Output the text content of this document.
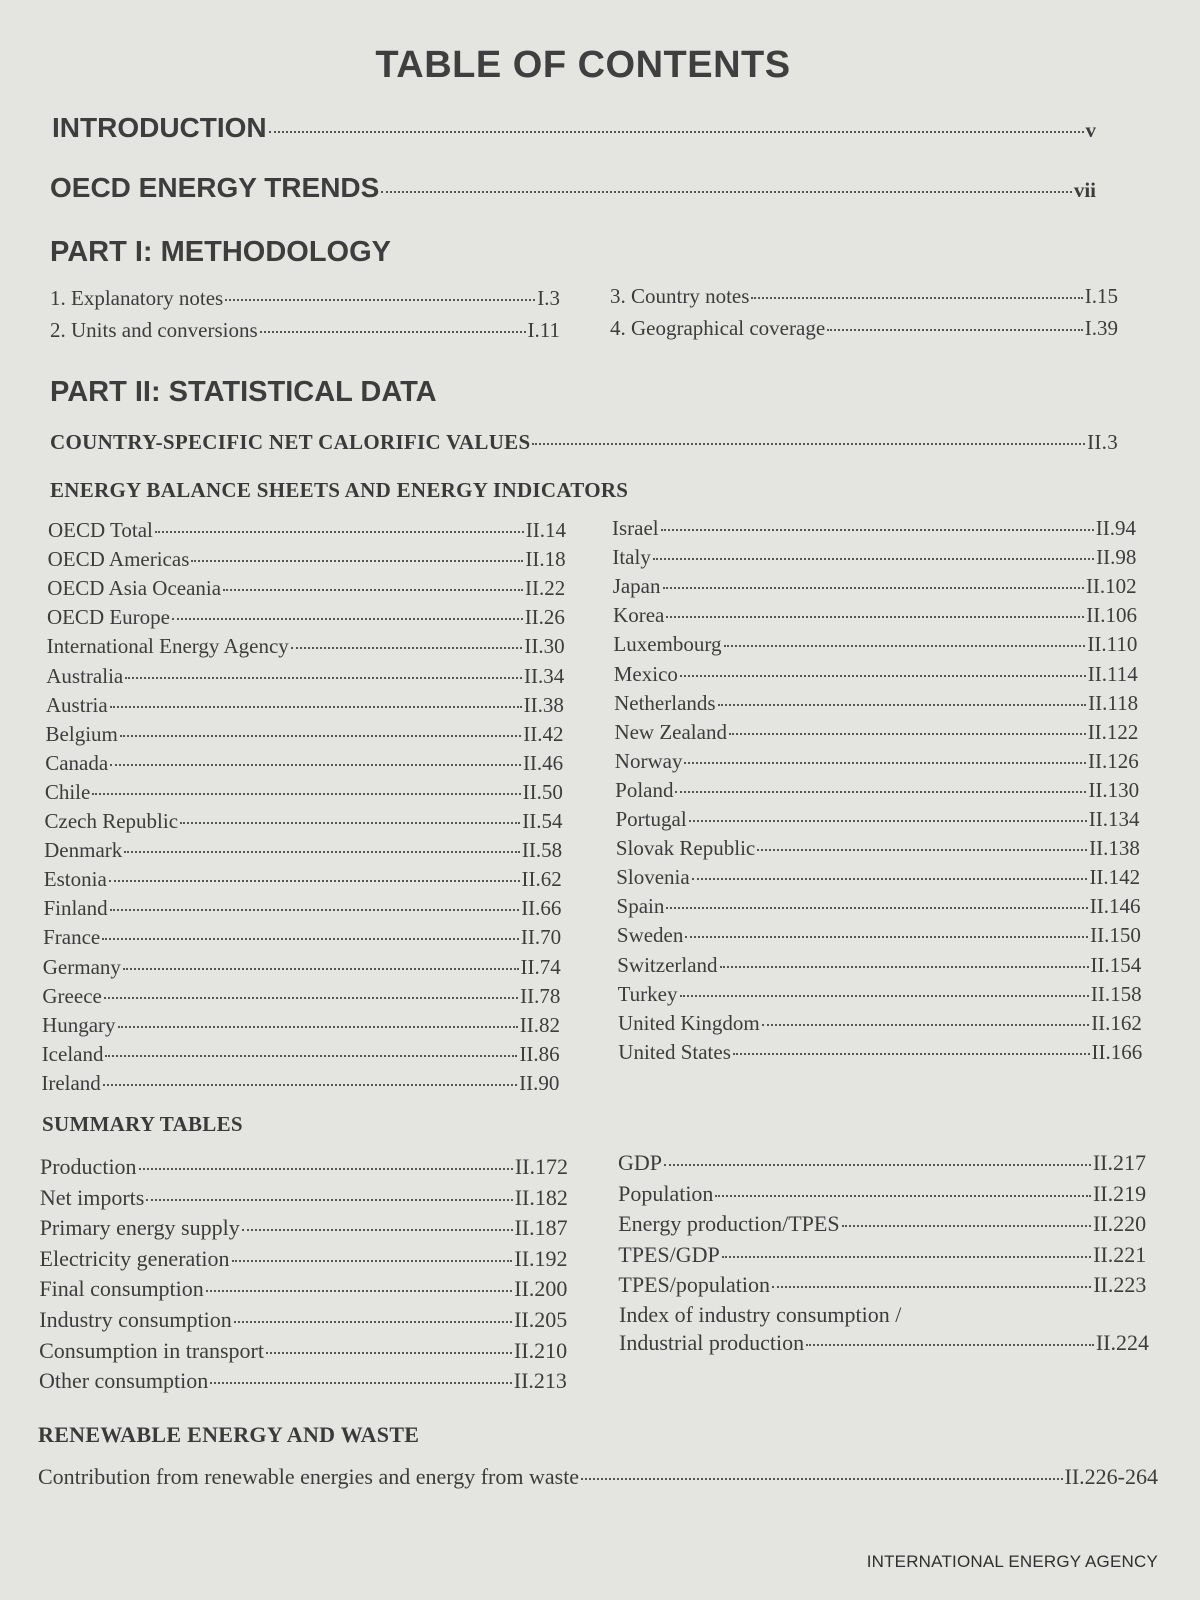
TABLE OF CONTENTS
INTRODUCTION	v
OECD ENERGY TRENDS	vii
PART I: METHODOLOGY
1. Explanatory notes	I.3
2. Units and conversions	I.11
3. Country notes	I.15
4. Geographical coverage	I.39
PART II: STATISTICAL DATA
COUNTRY-SPECIFIC NET CALORIFIC VALUES	II.3
ENERGY BALANCE SHEETS AND ENERGY INDICATORS
OECD Total	II.14
OECD Americas	II.18
OECD Asia Oceania	II.22
OECD Europe	II.26
International Energy Agency	II.30
Australia	II.34
Austria	II.38
Belgium	II.42
Canada	II.46
Chile	II.50
Czech Republic	II.54
Denmark	II.58
Estonia	II.62
Finland	II.66
France	II.70
Germany	II.74
Greece	II.78
Hungary	II.82
Iceland	II.86
Ireland	II.90
Israel	II.94
Italy	II.98
Japan	II.102
Korea	II.106
Luxembourg	II.110
Mexico	II.114
Netherlands	II.118
New Zealand	II.122
Norway	II.126
Poland	II.130
Portugal	II.134
Slovak Republic	II.138
Slovenia	II.142
Spain	II.146
Sweden	II.150
Switzerland	II.154
Turkey	II.158
United Kingdom	II.162
United States	II.166
SUMMARY TABLES
Production	II.172
Net imports	II.182
Primary energy supply	II.187
Electricity generation	II.192
Final consumption	II.200
Industry consumption	II.205
Consumption in transport	II.210
Other consumption	II.213
GDP	II.217
Population	II.219
Energy production/TPES	II.220
TPES/GDP	II.221
TPES/population	II.223
Index of industry consumption /
Industrial production	II.224
RENEWABLE ENERGY AND WASTE
Contribution from renewable energies and energy from waste	II.226-264
INTERNATIONAL ENERGY AGENCY
